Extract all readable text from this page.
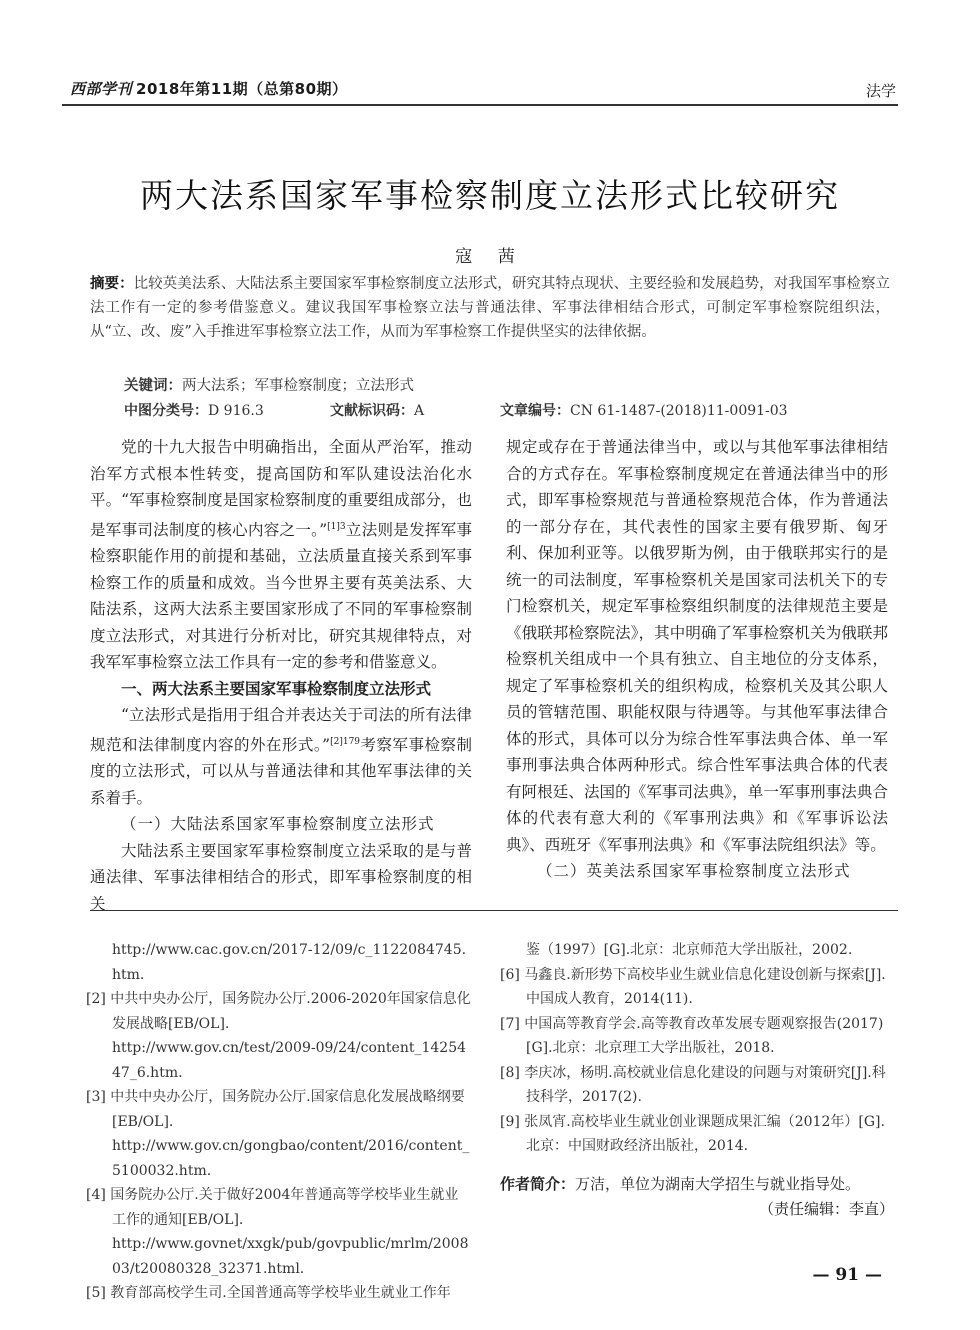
西部学刊 2018年第11期（总第80期）	法学
两大法系国家军事检察制度立法形式比较研究
寇 茜
摘要：比较英美法系、大陆法系主要国家军事检察制度立法形式，研究其特点现状、主要经验和发展趋势，对我国军事检察立法工作有一定的参考借鉴意义。建议我国军事检察立法与普通法律、军事法律相结合形式，可制定军事检察院组织法，从“立、改、废”入手推进军事检察立法工作，从而为军事检察工作提供坚实的法律依据。
关键词：两大法系；军事检察制度；立法形式
中图分类号：D 916.3	文献标识码：A	文章编号：CN 61-1487-(2018)11-0091-03

党的十九大报告中明确指出，全面从严治军，推动治军方式根本性转变，提高国防和军队建设法治化水平。“军事检察制度是国家检察制度的重要组成部分，也是军事司法制度的核心内容之一。”$^{[1]3}$立法则是发挥军事检察职能作用的前提和基础，立法质量直接关系到军事检察工作的质量和成效。当今世界主要有英美法系、大陆法系，这两大法系主要国家形成了不同的军事检察制度立法形式，对其进行分析对比，研究其规律特点，对我军军事检察立法工作具有一定的参考和借鉴意义。

一、两大法系主要国家军事检察制度立法形式

“立法形式是指用于组合并表达关于司法的所有法律规范和法律制度内容的外在形式。”$^{[2]179}$考察军事检察制度的立法形式，可以从与普通法律和其他军事法律的关系着手。

（一）大陆法系国家军事检察制度立法形式

大陆法系主要国家军事检察制度立法采取的是与普通法律、军事法律相结合的形式，即军事检察制度的相关

规定或存在于普通法律当中，或以与其他军事法律相结合的方式存在。军事检察制度规定在普通法律当中的形式，即军事检察规范与普通检察规范合体，作为普通法的一部分存在，其代表性的国家主要有俄罗斯、匈牙利、保加利亚等。以俄罗斯为例，由于俄联邦实行的是统一的司法制度，军事检察机关是国家司法机关下的专门检察机关，规定军事检察组织制度的法律规范主要是《俄联邦检察院法》，其中明确了军事检察机关为俄联邦检察机关组成中一个具有独立、自主地位的分支体系，规定了军事检察机关的组织构成，检察机关及其公职人员的管辖范围、职能权限与待遇等。与其他军事法律合体的形式，具体可以分为综合性军事法典合体、单一军事刑事法典合体两种形式。综合性军事法典合体的代表有阿根廷、法国的《军事司法典》，单一军事刑事法典合体的代表有意大利的《军事刑法典》和《军事诉讼法典》、西班牙《军事刑法典》和《军事法院组织法》等。

（二）英美法系国家军事检察制度立法形式

http://www.cac.gov.cn/2017-12/09/c_1122084745.htm.

[2] 中共中央办公厅，国务院办公厅.2006-2020年国家信息化发展战略[EB/OL].

http://www.gov.cn/test/2009-09/24/content_1425447_6.htm.

[3] 中共中央办公厅，国务院办公厅.国家信息化发展战略纲要[EB/OL].

http://www.gov.cn/gongbao/content/2016/content_5100032.htm.

[4] 国务院办公厅.关于做好2004年普通高等学校毕业生就业工作的通知[EB/OL].

http://www.govnet/xxgk/pub/govpublic/mrlm/200803/t20080328_32371.html.

[5] 教育部高校学生司.全国普通高等学校毕业生就业工作年

鉴（1997）[G].北京：北京师范大学出版社，2002.

[6] 马鑫良.新形势下高校毕业生就业信息化建设创新与探索[J].中国成人教育，2014(11).

[7] 中国高等教育学会.高等教育改革发展专题观察报告(2017)[G].北京：北京理工大学出版社，2018.

[8] 李庆冰，杨明.高校就业信息化建设的问题与对策研究[J].科技科学，2017(2).

[9] 张凤宵.高校毕业生就业创业课题成果汇编（2012年）[G].北京：中国财政经济出版社，2014.

作者简介：万洁，单位为湖南大学招生与就业指导处。
（责任编辑：李直）
— 91 —
